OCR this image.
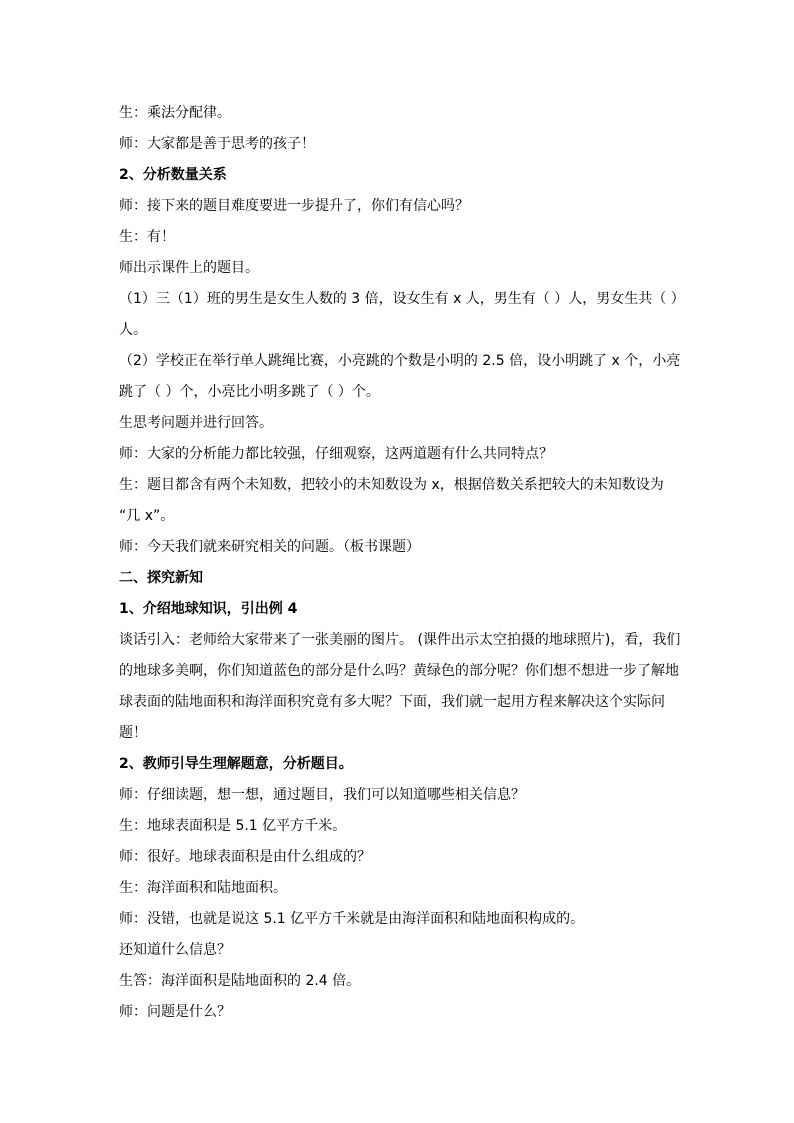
生：乘法分配律。

师：大家都是善于思考的孩子！

2、分析数量关系

师：接下来的题目难度要进一步提升了，你们有信心吗？

生：有！

师出示课件上的题目。

（1）三（1）班的男生是女生人数的 3 倍，设女生有 x 人，男生有（ ）人，男女生共（ ）

人。

（2）学校正在举行单人跳绳比赛，小亮跳的个数是小明的 2.5 倍，设小明跳了 x 个，小亮

跳了（ ）个，小亮比小明多跳了（ ）个。

生思考问题并进行回答。

师：大家的分析能力都比较强，仔细观察，这两道题有什么共同特点？

生：题目都含有两个未知数，把较小的未知数设为 x，根据倍数关系把较大的未知数设为

“几 x”。

师：今天我们就来研究相关的问题。（板书课题）

二、探究新知

1、介绍地球知识，引出例 4

谈话引入：老师给大家带来了一张美丽的图片。 (课件出示太空拍摄的地球照片)，看，我们

的地球多美啊，你们知道蓝色的部分是什么吗？黄绿色的部分呢？你们想不想进一步了解地

球表面的陆地面积和海洋面积究竟有多大呢？下面，我们就一起用方程来解决这个实际问

题！

2、教师引导生理解题意，分析题目。

师：仔细读题，想一想，通过题目，我们可以知道哪些相关信息？

生：地球表面积是 5.1 亿平方千米。

师：很好。地球表面积是由什么组成的？

生：海洋面积和陆地面积。

师：没错，也就是说这 5.1 亿平方千米就是由海洋面积和陆地面积构成的。

还知道什么信息？

生答：海洋面积是陆地面积的 2.4 倍。

师：问题是什么？
